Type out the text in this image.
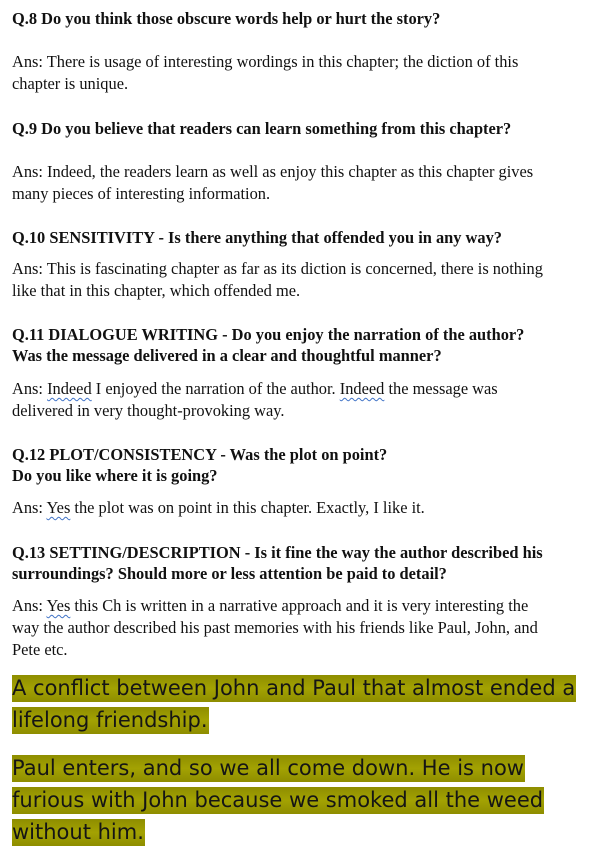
Q.8 Do you think those obscure words help or hurt the story?

Ans: There is usage of interesting wordings in this chapter; the diction of this
chapter is unique.

Q.9 Do you believe that readers can learn something from this chapter?

Ans: Indeed, the readers learn as well as enjoy this chapter as this chapter gives
many pieces of interesting information.

Q.10 SENSITIVITY - Is there anything that offended you in any way?

Ans: This is fascinating chapter as far as its diction is concerned, there is nothing
like that in this chapter, which offended me.

Q.11 DIALOGUE WRITING - Do you enjoy the narration of the author?
Was the message delivered in a clear and thoughtful manner?

Ans: Indeed I enjoyed the narration of the author. Indeed the message was
delivered in very thought-provoking way.

Q.12 PLOT/CONSISTENCY - Was the plot on point?
Do you like where it is going?

Ans: Yes the plot was on point in this chapter. Exactly, I like it.

Q.13 SETTING/DESCRIPTION - Is it fine the way the author described his
surroundings? Should more or less attention be paid to detail?

Ans: Yes this Ch is written in a narrative approach and it is very interesting the
way the author described his past memories with his friends like Paul, John, and
Pete etc.

A conflict between John and Paul that almost ended a
lifelong friendship.
Paul enters, and so we all come down. He is now
furious with John because we smoked all the weed
without him.
